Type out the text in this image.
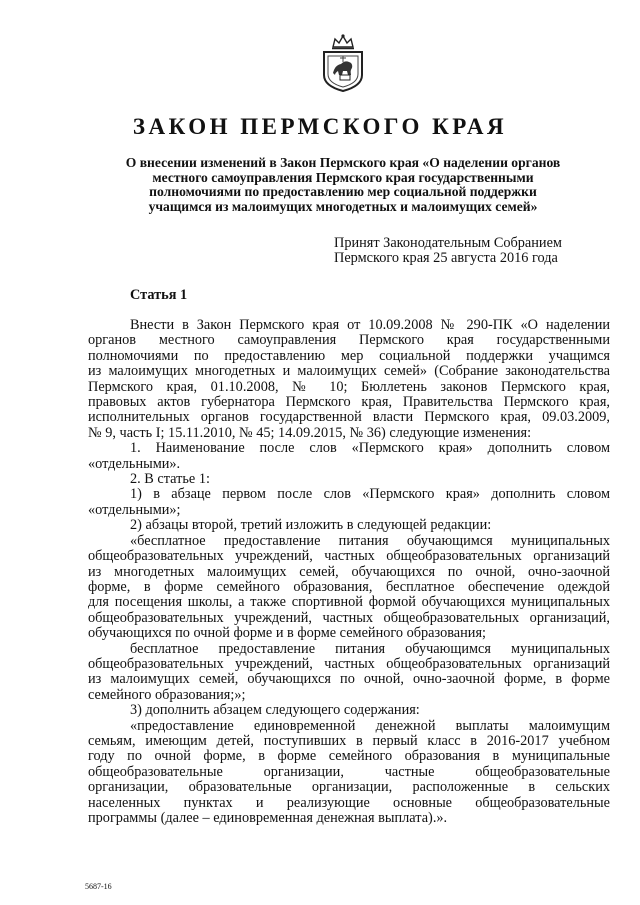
ЗАКОН ПЕРМСКОГО КРАЯ
О внесении изменений в Закон Пермского края «О наделении органов
местного самоуправления Пермского края государственными
полномочиями по предоставлению мер социальной поддержки
учащимся из малоимущих многодетных и малоимущих семей»
Принят Законодательным Собранием
Пермского края 25 августа 2016 года
Статья 1
Внести в Закон Пермского края от 10.09.2008 № 290-ПК «О наделении
органов местного самоуправления Пермского края государственными
полномочиями по предоставлению мер социальной поддержки учащимся
из малоимущих многодетных и малоимущих семей» (Собрание законодательства
Пермского края, 01.10.2008, № 10; Бюллетень законов Пермского края,
правовых актов губернатора Пермского края, Правительства Пермского края,
исполнительных органов государственной власти Пермского края, 09.03.2009,
№ 9, часть I; 15.11.2010, № 45; 14.09.2015, № 36) следующие изменения:
1. Наименование после слов «Пермского края» дополнить словом
«отдельными».
2. В статье 1:
1) в абзаце первом после слов «Пермского края» дополнить словом
«отдельными»;
2) абзацы второй, третий изложить в следующей редакции:
«бесплатное предоставление питания обучающимся муниципальных
общеобразовательных учреждений, частных общеобразовательных организаций
из многодетных малоимущих семей, обучающихся по очной, очно-заочной
форме, в форме семейного образования, бесплатное обеспечение одеждой
для посещения школы, а также спортивной формой обучающихся муниципальных
общеобразовательных учреждений, частных общеобразовательных организаций,
обучающихся по очной форме и в форме семейного образования;
бесплатное предоставление питания обучающимся муниципальных
общеобразовательных учреждений, частных общеобразовательных организаций
из малоимущих семей, обучающихся по очной, очно-заочной форме, в форме
семейного образования;»;
3) дополнить абзацем следующего содержания:
«предоставление единовременной денежной выплаты малоимущим
семьям, имеющим детей, поступивших в первый класс в 2016-2017 учебном
году по очной форме, в форме семейного образования в муниципальные
общеобразовательные организации, частные общеобразовательные
организации, образовательные организации, расположенные в сельских
населенных пунктах и реализующие основные общеобразовательные
программы (далее – единовременная денежная выплата).».
5687-16
